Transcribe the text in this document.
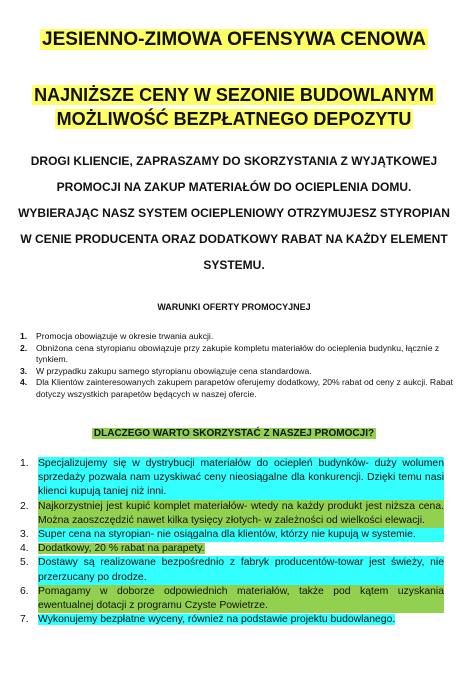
JESIENNO-ZIMOWA OFENSYWA CENOWA
NAJNIŻSZE CENY W SEZONIE BUDOWLANYM
MOŻLIWOŚĆ BEZPŁATNEGO DEPOZYTU
DROGI KLIENCIE, ZAPRASZAMY DO SKORZYSTANIA Z WYJĄTKOWEJ
PROMOCJI NA ZAKUP MATERIAŁÓW DO OCIEPLENIA DOMU.
WYBIERAJĄC NASZ SYSTEM OCIEPLENIOWY OTRZYMUJESZ STYROPIAN
W CENIE PRODUCENTA ORAZ DODATKOWY RABAT NA KAŻDY ELEMENT
SYSTEMU.
WARUNKI OFERTY PROMOCYJNEJ
1. Promocja obowiązuje w okresie trwania aukcji.
2. Obniżona cena styropianu obowiązuje przy zakupie kompletu materiałów do ocieplenia budynku, łącznie z tynkiem.
3. W przypadku zakupu samego styropianu obowiązuje cena standardowa.
4. Dla Klientów zainteresowanych zakupem parapetów oferujemy dodatkowy, 20% rabat od ceny z aukcji. Rabat dotyczy wszystkich parapetów będących w naszej ofercie.
DLACZEGO WARTO SKORZYSTAĆ Z NASZEJ PROMOCJI?
1. Specjalizujemy się w dystrybucji materiałów do ociepleń budynków- duży wolumen sprzedaży pozwala nam uzyskiwać ceny nieosiągalne dla konkurencji. Dzięki temu nasi klienci kupują taniej niż inni.
2. Najkorzystniej jest kupić komplet materiałów- wtedy na każdy produkt jest niższa cena. Można zaoszczędzić nawet kilka tysięcy złotych- w zależności od wielkości elewacji.
3. Super cena na styropian- nie osiągalna dla klientów, którzy nie kupują w systemie.
4. Dodatkowy, 20 % rabat na parapety.
5. Dostawy są realizowane bezpośrednio z fabryk producentów-towar jest świeży, nie przerzucany po drodze.
6. Pomagamy w doborze odpowiednich materiałów, także pod kątem uzyskania ewentualnej dotacji z programu Czyste Powietrze.
7. Wykonujemy bezpłatne wyceny, również na podstawie projektu budowlanego.
